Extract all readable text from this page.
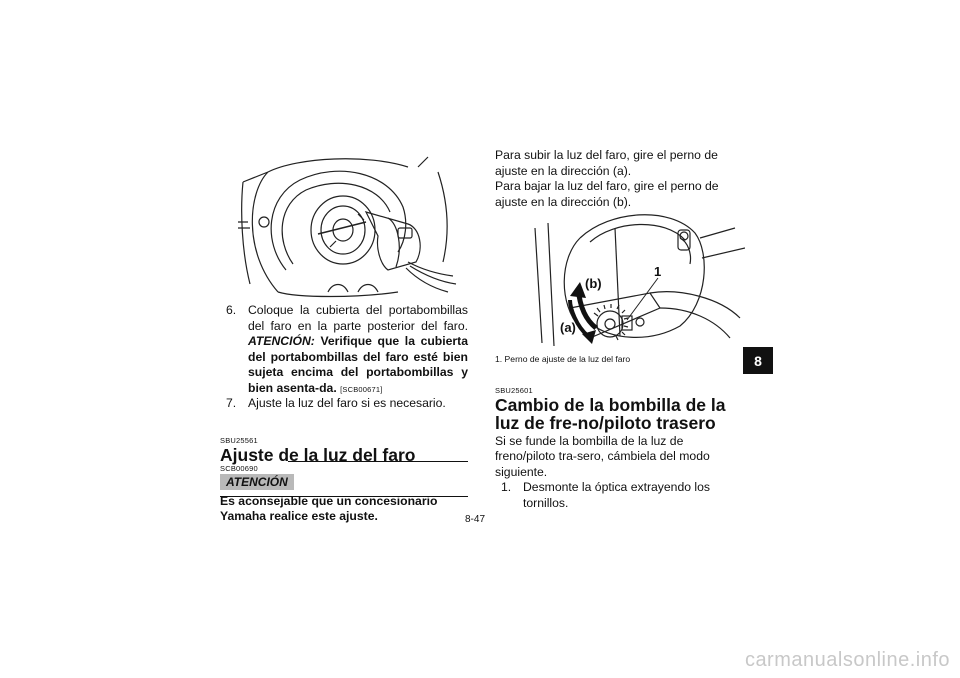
6. Coloque la cubierta del portabombillas del faro en la parte posterior del faro. ATENCIÓN: Verifique que la cubierta del portabombillas del faro esté bien sujeta encima del portabombillas y bien asenta-da. [SCB00671]
7. Ajuste la luz del faro si es necesario.
SBU25561
Ajuste de la luz del faro
SCB00690
ATENCIÓN
Es aconsejable que un concesionario Yamaha realice este ajuste.
Para subir la luz del faro, gire el perno de ajuste en la dirección (a).
Para bajar la luz del faro, gire el perno de ajuste en la dirección (b).
(b)
(a)
1
1. Perno de ajuste de la luz del faro
SBU25601
Cambio de la bombilla de la luz de fre-no/piloto trasero
Si se funde la bombilla de la luz de freno/piloto tra-sero, cámbiela del modo siguiente.
1. Desmonte la óptica extrayendo los tornillos.
8
8-47
carmanualsonline.info
